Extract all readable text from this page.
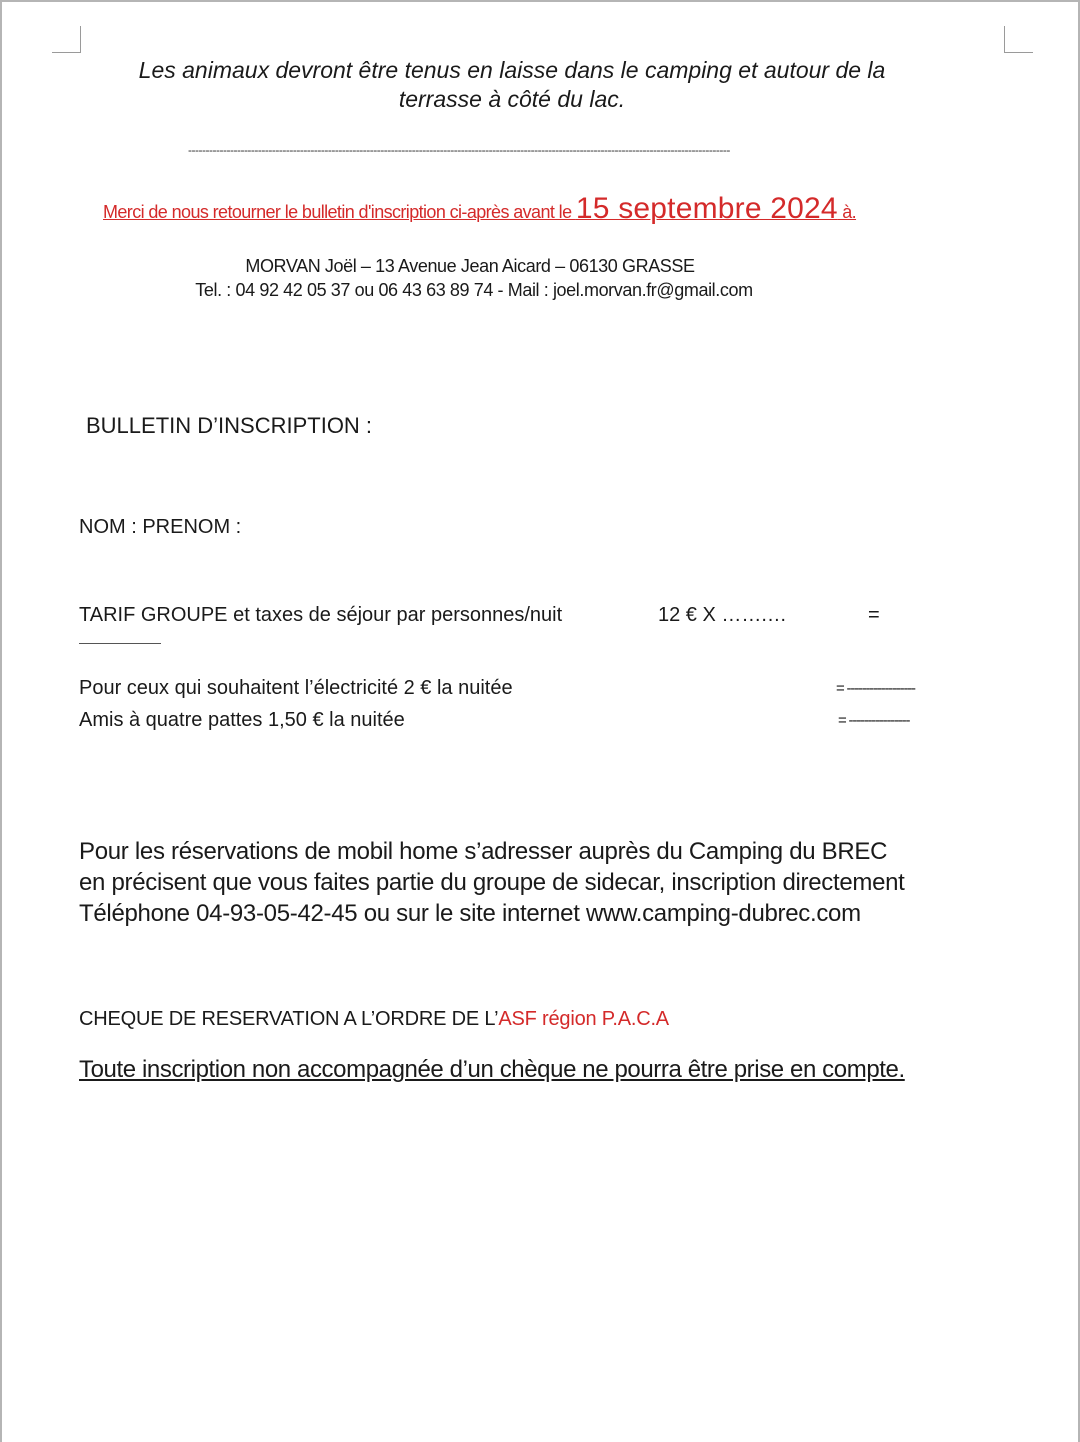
Les animaux devront être tenus en laisse dans le camping et autour de la
terrasse à côté du lac.
-----------------------------------------------------------------------------------------------------------------------------------------------------------
Merci de nous retourner le bulletin d'inscription ci-après avant le 15 septembre 2024 à.
MORVAN Joël – 13 Avenue Jean Aicard – 06130 GRASSE
Tel. : 04 92 42 05 37 ou 06 43 63 89 74 - Mail : joel.morvan.fr@gmail.com
BULLETIN D’INSCRIPTION :
NOM : PRENOM :
TARIF GROUPE et taxes de séjour par personnes/nuit	12 € X …….…	=
Pour ceux qui souhaitent l’électricité 2 € la nuitée	= ------------------
Amis à quatre pattes 1,50 € la nuitée	= ----------------
Pour les réservations de mobil home s’adresser auprès du Camping du BREC
en précisent que vous faites partie du groupe de sidecar, inscription directement
Téléphone 04-93-05-42-45 ou sur le site internet www.camping-dubrec.com
CHEQUE DE RESERVATION A L’ORDRE DE L’ASF région P.A.C.A
Toute inscription non accompagnée d’un chèque ne pourra être prise en compte.
